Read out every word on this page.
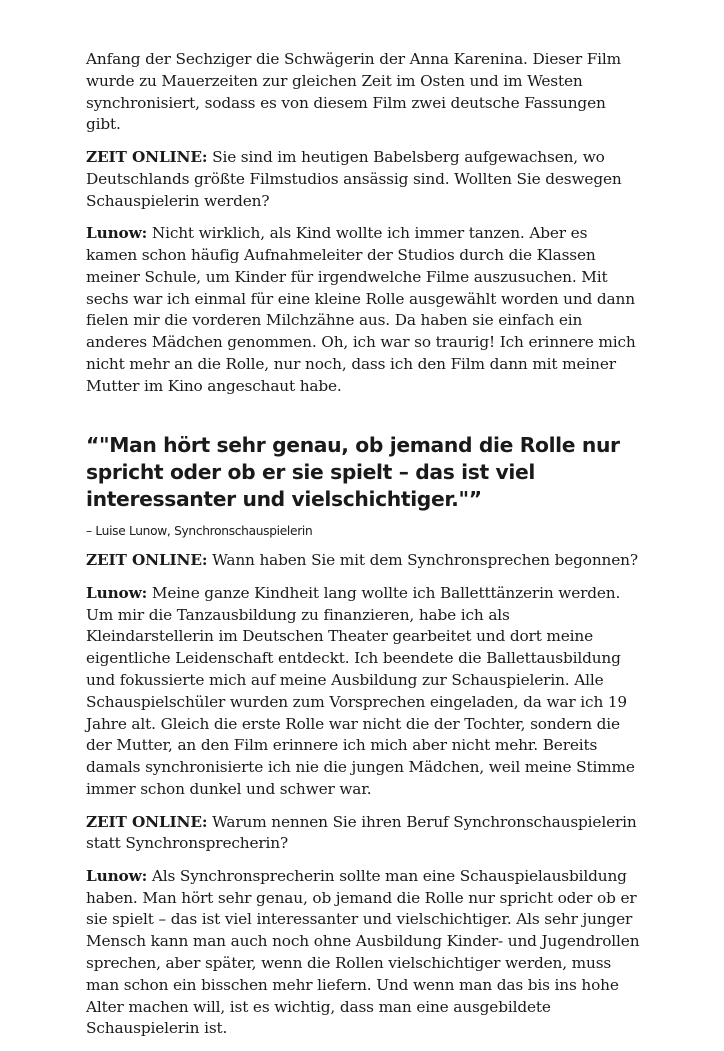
Anfang der Sechziger die Schwägerin der Anna Karenina. Dieser Film wurde zu Mauerzeiten zur gleichen Zeit im Osten und im Westen synchronisiert, sodass es von diesem Film zwei deutsche Fassungen gibt.

ZEIT ONLINE: Sie sind im heutigen Babelsberg aufgewachsen, wo Deutschlands größte Filmstudios ansässig sind. Wollten Sie deswegen Schauspielerin werden?

Lunow: Nicht wirklich, als Kind wollte ich immer tanzen. Aber es kamen schon häufig Aufnahmeleiter der Studios durch die Klassen meiner Schule, um Kinder für irgendwelche Filme auszusuchen. Mit sechs war ich einmal für eine kleine Rolle ausgewählt worden und dann fielen mir die vorderen Milchzähne aus. Da haben sie einfach ein anderes Mädchen genommen. Oh, ich war so traurig! Ich erinnere mich nicht mehr an die Rolle, nur noch, dass ich den Film dann mit meiner Mutter im Kino angeschaut habe.

“"Man hört sehr genau, ob jemand die Rolle nur spricht oder ob er sie spielt – das ist viel interessanter und vielschichtiger."”

– Luise Lunow, Synchronschauspielerin

ZEIT ONLINE: Wann haben Sie mit dem Synchronsprechen begonnen?

Lunow: Meine ganze Kindheit lang wollte ich Balletttänzerin werden. Um mir die Tanzausbildung zu finanzieren, habe ich als Kleindarstellerin im Deutschen Theater gearbeitet und dort meine eigentliche Leidenschaft entdeckt. Ich beendete die Ballettausbildung und fokussierte mich auf meine Ausbildung zur Schauspielerin. Alle Schauspielschüler wurden zum Vorsprechen eingeladen, da war ich 19 Jahre alt. Gleich die erste Rolle war nicht die der Tochter, sondern die der Mutter, an den Film erinnere ich mich aber nicht mehr. Bereits damals synchronisierte ich nie die jungen Mädchen, weil meine Stimme immer schon dunkel und schwer war.

ZEIT ONLINE: Warum nennen Sie ihren Beruf Synchronschauspielerin statt Synchronsprecherin?

Lunow: Als Synchronsprecherin sollte man eine Schauspielausbildung haben. Man hört sehr genau, ob jemand die Rolle nur spricht oder ob er sie spielt – das ist viel interessanter und vielschichtiger. Als sehr junger Mensch kann man auch noch ohne Ausbildung Kinder- und Jugendrollen sprechen, aber später, wenn die Rollen vielschichtiger werden, muss man schon ein bisschen mehr liefern. Und wenn man das bis ins hohe Alter machen will, ist es wichtig, dass man eine ausgebildete Schauspielerin ist.
